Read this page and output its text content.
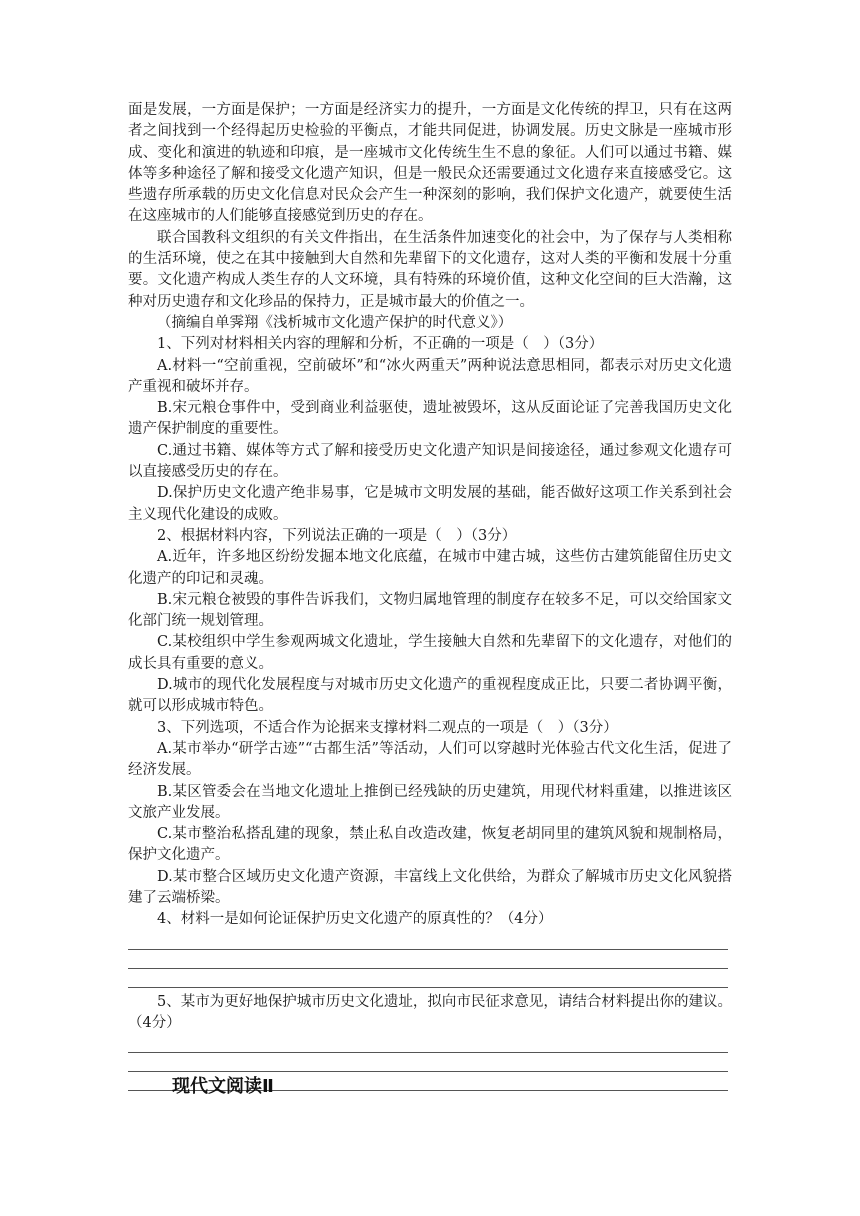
面是发展，一方面是保护；一方面是经济实力的提升，一方面是文化传统的捍卫，只有在这两者之间找到一个经得起历史检验的平衡点，才能共同促进，协调发展。历史文脉是一座城市形成、变化和演进的轨迹和印痕，是一座城市文化传统生生不息的象征。人们可以通过书籍、媒体等多种途径了解和接受文化遗产知识，但是一般民众还需要通过文化遗存来直接感受它。这些遗存所承载的历史文化信息对民众会产生一种深刻的影响，我们保护文化遗产，就要使生活在这座城市的人们能够直接感觉到历史的存在。

联合国教科文组织的有关文件指出，在生活条件加速变化的社会中，为了保存与人类相称的生活环境，使之在其中接触到大自然和先辈留下的文化遗存，这对人类的平衡和发展十分重要。文化遗产构成人类生存的人文环境，具有特殊的环境价值，这种文化空间的巨大浩瀚，这种对历史遗存和文化珍品的保持力，正是城市最大的价值之一。

（摘编自单霁翔《浅析城市文化遗产保护的时代意义》）

1、下列对材料相关内容的理解和分析，不正确的一项是（　）（3分）

A.材料一“空前重视，空前破坏”和“冰火两重天”两种说法意思相同，都表示对历史文化遗产重视和破坏并存。

B.宋元粮仓事件中，受到商业利益驱使，遗址被毁坏，这从反面论证了完善我国历史文化遗产保护制度的重要性。

C.通过书籍、媒体等方式了解和接受历史文化遗产知识是间接途径，通过参观文化遗存可以直接感受历史的存在。

D.保护历史文化遗产绝非易事，它是城市文明发展的基础，能否做好这项工作关系到社会主义现代化建设的成败。

2、根据材料内容，下列说法正确的一项是（　）（3分）

A.近年，许多地区纷纷发掘本地文化底蕴，在城市中建古城，这些仿古建筑能留住历史文化遗产的印记和灵魂。

B.宋元粮仓被毁的事件告诉我们，文物归属地管理的制度存在较多不足，可以交给国家文化部门统一规划管理。

C.某校组织中学生参观两城文化遗址，学生接触大自然和先辈留下的文化遗存，对他们的成长具有重要的意义。

D.城市的现代化发展程度与对城市历史文化遗产的重视程度成正比，只要二者协调平衡，就可以形成城市特色。

3、下列选项，不适合作为论据来支撑材料二观点的一项是（　）（3分）

A.某市举办“研学古迹”“古都生活”等活动，人们可以穿越时光体验古代文化生活，促进了经济发展。

B.某区管委会在当地文化遗址上推倒已经残缺的历史建筑，用现代材料重建，以推进该区文旅产业发展。

C.某市整治私搭乱建的现象，禁止私自改造改建，恢复老胡同里的建筑风貌和规制格局，保护文化遗产。

D.某市整合区域历史文化遗产资源，丰富线上文化供给，为群众了解城市历史文化风貌搭建了云端桥梁。

4、材料一是如何论证保护历史文化遗产的原真性的？（4分）

5、某市为更好地保护城市历史文化遗址，拟向市民征求意见，请结合材料提出你的建议。（4分）

现代文阅读Ⅱ
